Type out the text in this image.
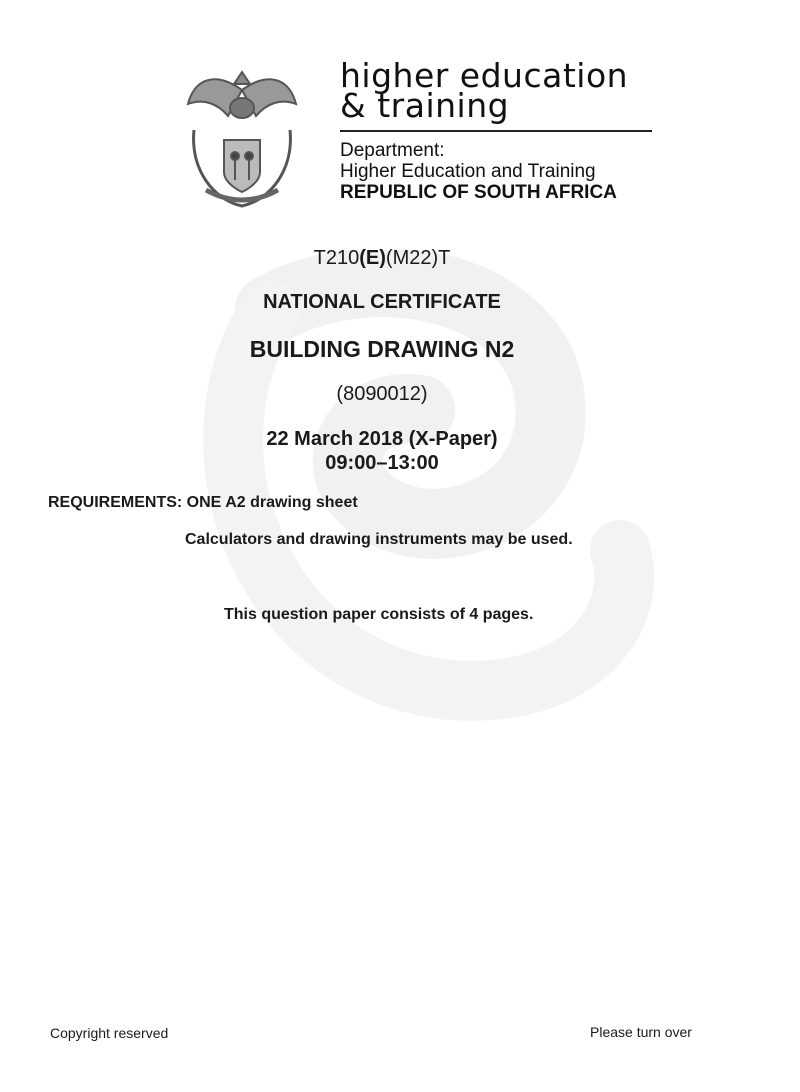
higher education
& training
Department:
Higher Education and Training
REPUBLIC OF SOUTH AFRICA
T210(E)(M22)T
NATIONAL CERTIFICATE
BUILDING DRAWING N2
(8090012)
22 March 2018 (X-Paper)
09:00–13:00
REQUIREMENTS: ONE A2 drawing sheet
Calculators and drawing instruments may be used.
This question paper consists of 4 pages.
Copyright reserved	Please turn over
